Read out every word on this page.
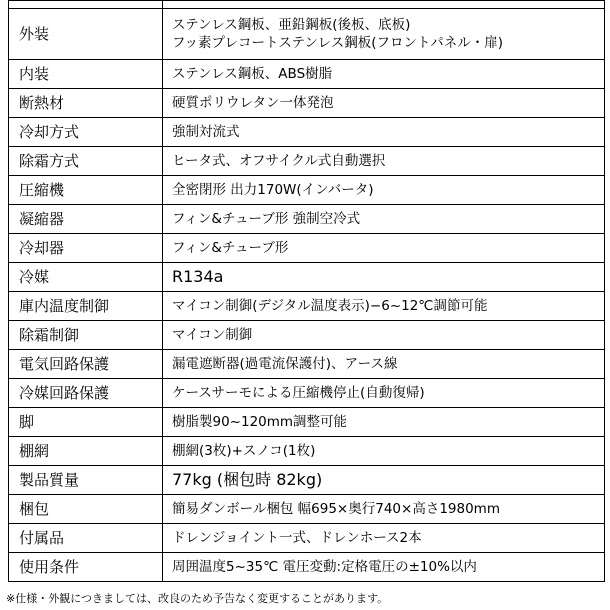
外装	ステンレス鋼板、亜鉛鋼板(後板、底板)
フッ素プレコートステンレス鋼板(フロントパネル・扉)

内装	ステンレス鋼板、ABS樹脂
断熱材	硬質ポリウレタン一体発泡
冷却方式	強制対流式
除霜方式	ヒータ式、オフサイクル式自動選択
圧縮機	全密閉形 出力170W(インバータ)
凝縮器	フィン&チューブ形 強制空冷式
冷却器	フィン&チューブ形
冷媒	R134a
庫内温度制御	マイコン制御(デジタル温度表示)−6~12℃調節可能
除霜制御	マイコン制御
電気回路保護	漏電遮断器(過電流保護付)、アース線
冷媒回路保護	ケースサーモによる圧縮機停止(自動復帰)
脚	樹脂製90~120mm調整可能
棚網	棚網(3枚)+スノコ(1枚)
製品質量	77kg (梱包時 82kg)
梱包	簡易ダンボール梱包 幅695×奥行740×高さ1980mm
付属品	ドレンジョイント一式、ドレンホース2本
使用条件	周囲温度5~35℃ 電圧変動:定格電圧の±10%以内
※仕様・外観につきましては、改良のため予告なく変更することがあります。
